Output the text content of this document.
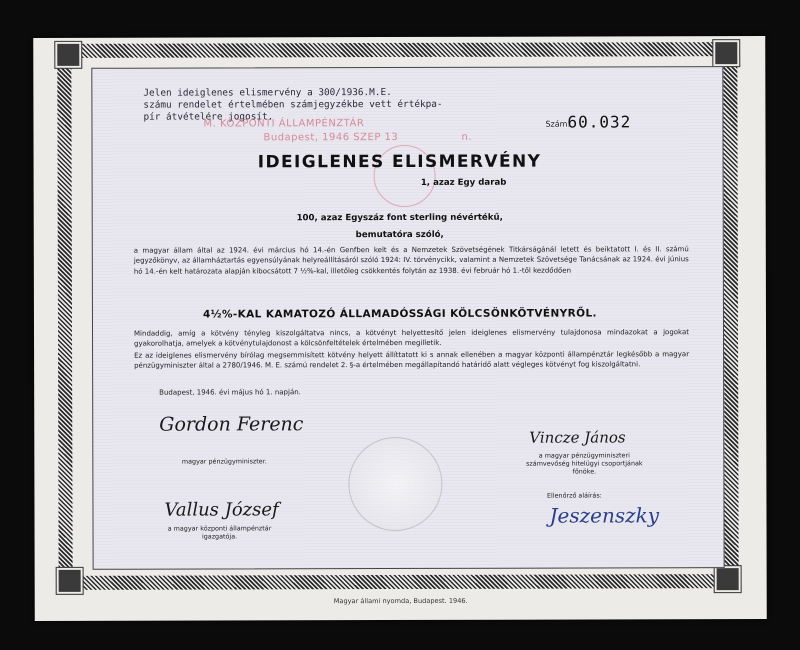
Jelen ideiglenes elismervény a 300/1936.M.E.
számu rendelet értelmében számjegyzékbe vett értékpa-
pír átvételére jogosít.
M. KÖZPONTI ÁLLAMPÉNZTÁR
Budapest, 1946 SZEP 13	n.
Szám:
60.032
IDEIGLENES ELISMERVÉNY
1, azaz Egy darab
100, azaz Egyszáz font sterling névértékű,
bemutatóra szóló,
a magyar állam által az 1924. évi március hó 14.-én Genfben kelt és a Nemzetek Szövetségének Titkárságánál letett és beiktatott I. és II. számú jegyzőkönyv, az államháztartás egyensúlyának helyreállításáról szóló 1924: IV. törvénycikk, valamint a Nemzetek Szövetsége Tanácsának az 1924. évi június hó 14.-én kelt határozata alapján kibocsátott 7 ½%-kal, illetőleg csökkentés folytán az 1938. évi február hó 1.-től kezdődően
4½%-KAL KAMATOZÓ ÁLLAMADÓSSÁGI KÖLCSÖNKÖTVÉNYRŐL.
Mindaddig, amíg a kötvény tényleg kiszolgáltatva nincs, a kötvényt helyettesítő jelen ideiglenes elismervény tulajdonosa mindazokat a jogokat gyakorolhatja, amelyek a kötvénytulajdonost a kölcsönfeltételek értelmében megilletik.
Ez az ideiglenes elismervény bírólag megsemmisített kötvény helyett állíttatott ki s annak ellenében a magyar központi állampénztár legkésőbb a magyar pénzügyminiszter által a 2780/1946. M. E. számú rendelet 2. §-a értelmében megállapítandó határidő alatt végleges kötvényt fog kiszolgáltatni.
Budapest, 1946. évi május hó 1. napján.
Gordon Ferenc
magyar pénzügyminiszter.
Vallus József
a magyar központi állampénztár
igazgatója.
Vincze János
a magyar pénzügyminiszteri
számvevőség hitelügyi csoportjának
főnöke.
Ellenőrző aláírás:
Jeszenszky
Magyar állami nyomda, Budapest. 1946.
